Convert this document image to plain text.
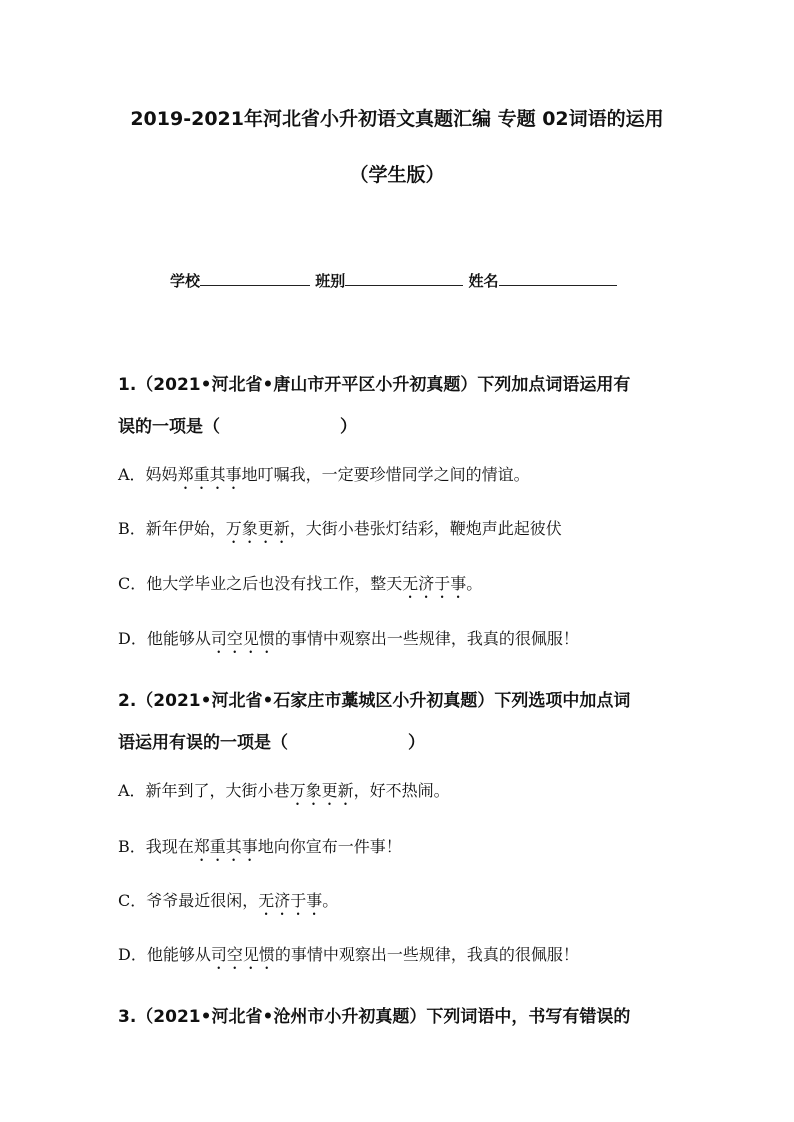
2019-2021年河北省小升初语文真题汇编 专题 02词语的运用
（学生版）
学校	班别	姓名
1.（2021•河北省•唐山市开平区小升初真题）下列加点词语运用有
误的一项是（	）
A．妈妈郑重其事地叮嘱我，一定要珍惜同学之间的情谊。
B．新年伊始，万象更新，大街小巷张灯结彩，鞭炮声此起彼伏
C．他大学毕业之后也没有找工作，整天无济于事。
D．他能够从司空见惯的事情中观察出一些规律，我真的很佩服！
2.（2021•河北省•石家庄市藁城区小升初真题）下列选项中加点词
语运用有误的一项是（	）
A．新年到了，大街小巷万象更新，好不热闹。
B．我现在郑重其事地向你宣布一件事！
C．爷爷最近很闲，无济于事。
D．他能够从司空见惯的事情中观察出一些规律，我真的很佩服！
3.（2021•河北省•沧州市小升初真题）下列词语中，书写有错误的
